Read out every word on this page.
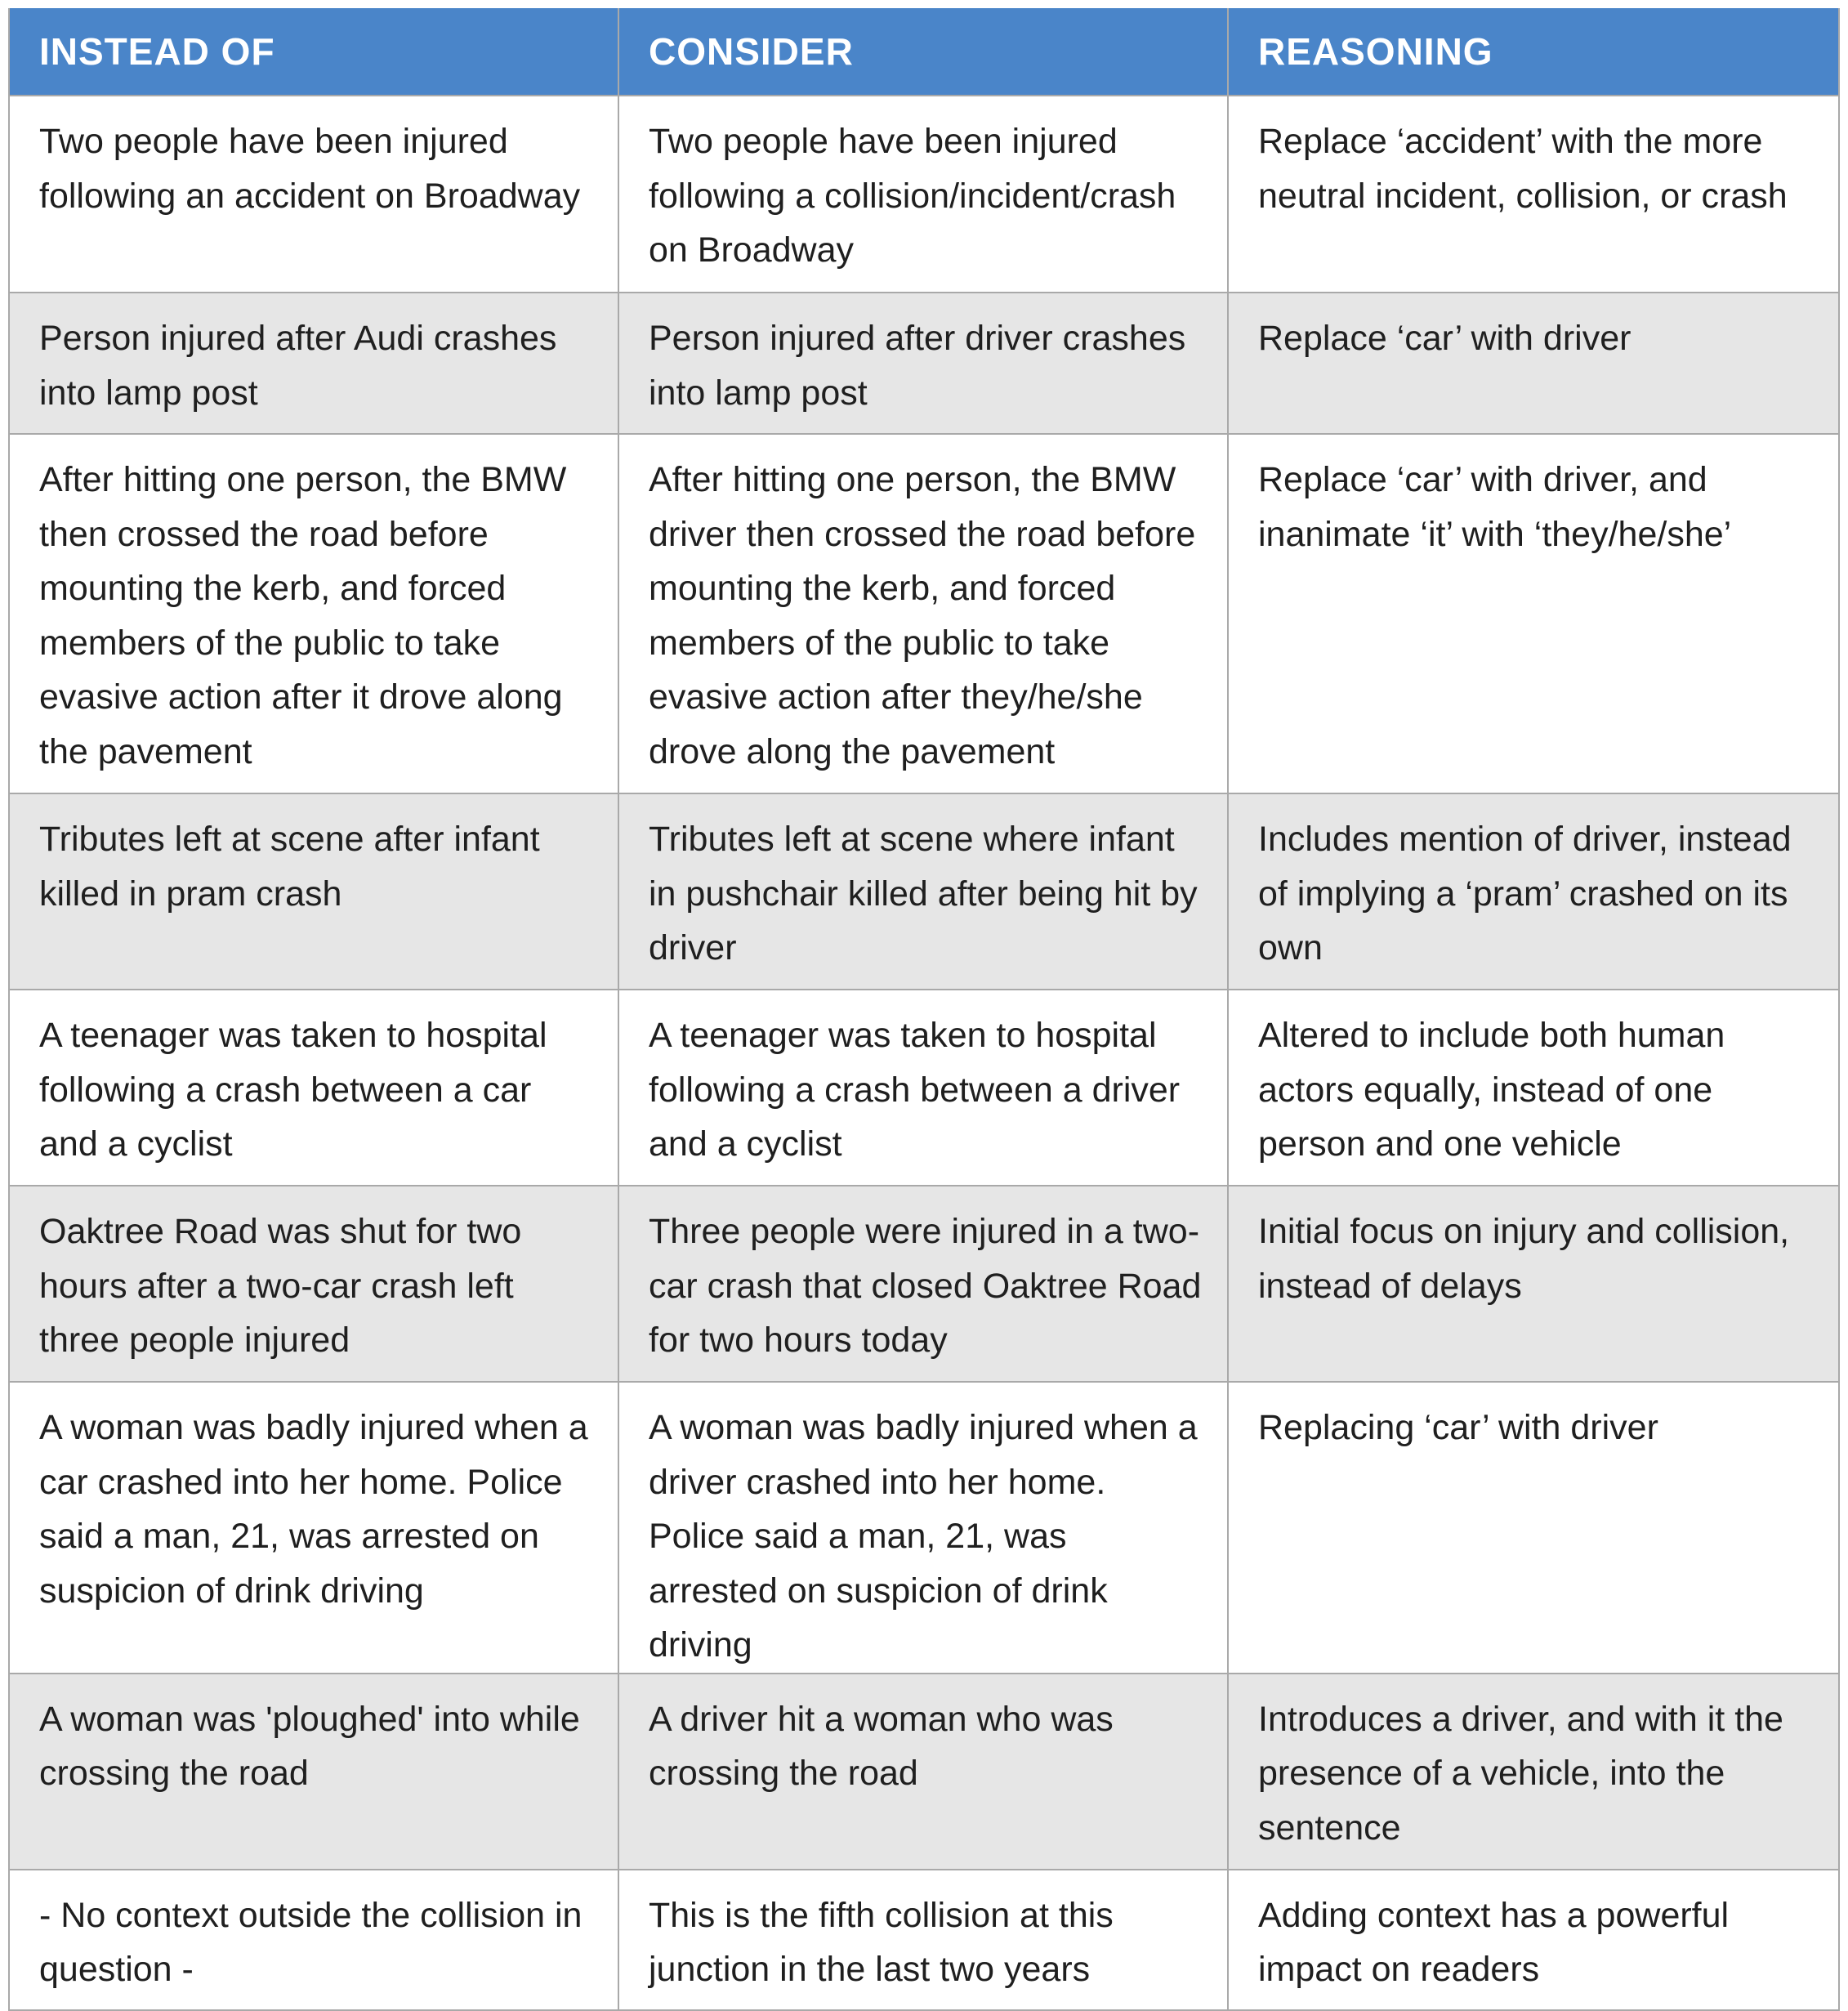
INSTEAD OF	CONSIDER	REASONING
Two people have been injured following an accident on Broadway	Two people have been injured following a collision/incident/crash on Broadway	Replace ‘accident’ with the more neutral incident, collision, or crash
Person injured after Audi crashes into lamp post	Person injured after driver crashes into lamp post	Replace ‘car’ with driver
After hitting one person, the BMW then crossed the road before mounting the kerb, and forced members of the public to take evasive action after it drove along the pavement	After hitting one person, the BMW driver then crossed the road before mounting the kerb, and forced members of the public to take evasive action after they/he/she drove along the pavement	Replace ‘car’ with driver, and inanimate ‘it’ with ‘they/he/she’
Tributes left at scene after infant killed in pram crash	Tributes left at scene where infant in pushchair killed after being hit by driver	Includes mention of driver, instead of implying a ‘pram’ crashed on its own
A teenager was taken to hospital following a crash between a car and a cyclist	A teenager was taken to hospital following a crash between a driver and a cyclist	Altered to include both human actors equally, instead of one person and one vehicle
Oaktree Road was shut for two hours after a two-car crash left three people injured	Three people were injured in a two-car crash that closed Oaktree Road for two hours today	Initial focus on injury and collision, instead of delays
A woman was badly injured when a car crashed into her home. Police said a man, 21, was arrested on suspicion of drink driving	A woman was badly injured when a driver crashed into her home. Police said a man, 21, was arrested on suspicion of drink driving	Replacing ‘car’ with driver
A woman was 'ploughed' into while crossing the road	A driver hit a woman who was crossing the road	Introduces a driver, and with it the presence of a vehicle, into the sentence
- No context outside the collision in question -	This is the fifth collision at this junction in the last two years	Adding context has a powerful impact on readers
